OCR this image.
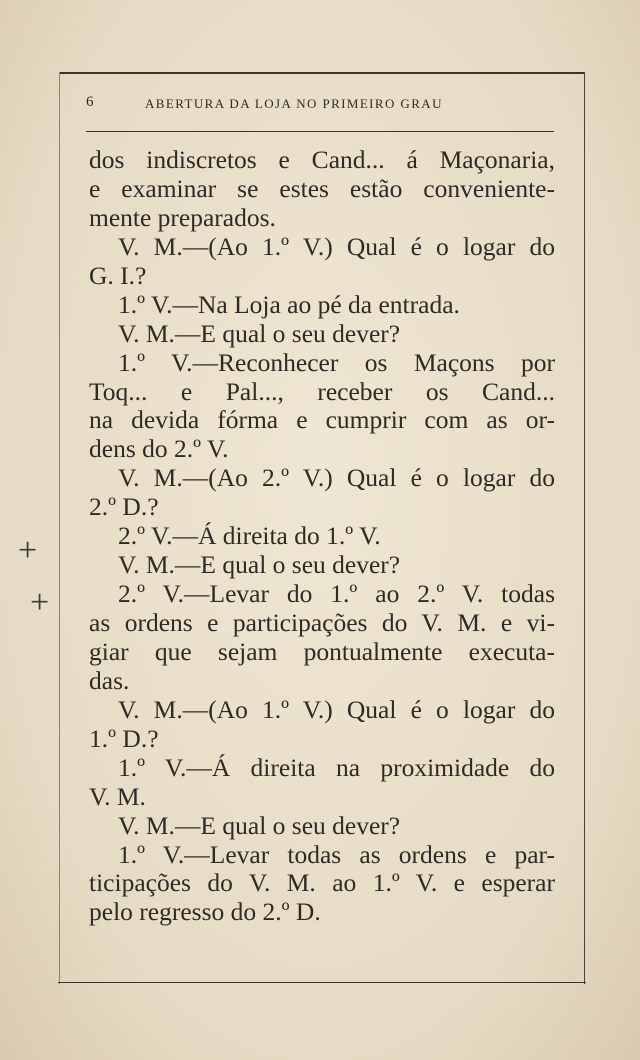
6	ABERTURA DA LOJA NO PRIMEIRO GRAU
dos indiscretos e Cand... á Maçonaria,
e examinar se estes estão conveniente-
mente preparados.
V. M.—(Ao 1.º V.) Qual é o logar do
G. I.?
1.º V.—Na Loja ao pé da entrada.
V. M.—E qual o seu dever?
1.º V.—Reconhecer os Maçons por
Toq... e Pal..., receber os Cand...
na devida fórma e cumprir com as or-
dens do 2.º V.
V. M.—(Ao 2.º V.) Qual é o logar do
2.º D.?
2.º V.—Á direita do 1.º V.
V. M.—E qual o seu dever?
2.º V.—Levar do 1.º ao 2.º V. todas
as ordens e participações do V. M. e vi-
giar que sejam pontualmente executa-
das.
V. M.—(Ao 1.º V.) Qual é o logar do
1.º D.?
1.º V.—Á direita na proximidade do
V. M.
V. M.—E qual o seu dever?
1.º V.—Levar todas as ordens e par-
ticipações do V. M. ao 1.º V. e esperar
pelo regresso do 2.º D.
+
+
